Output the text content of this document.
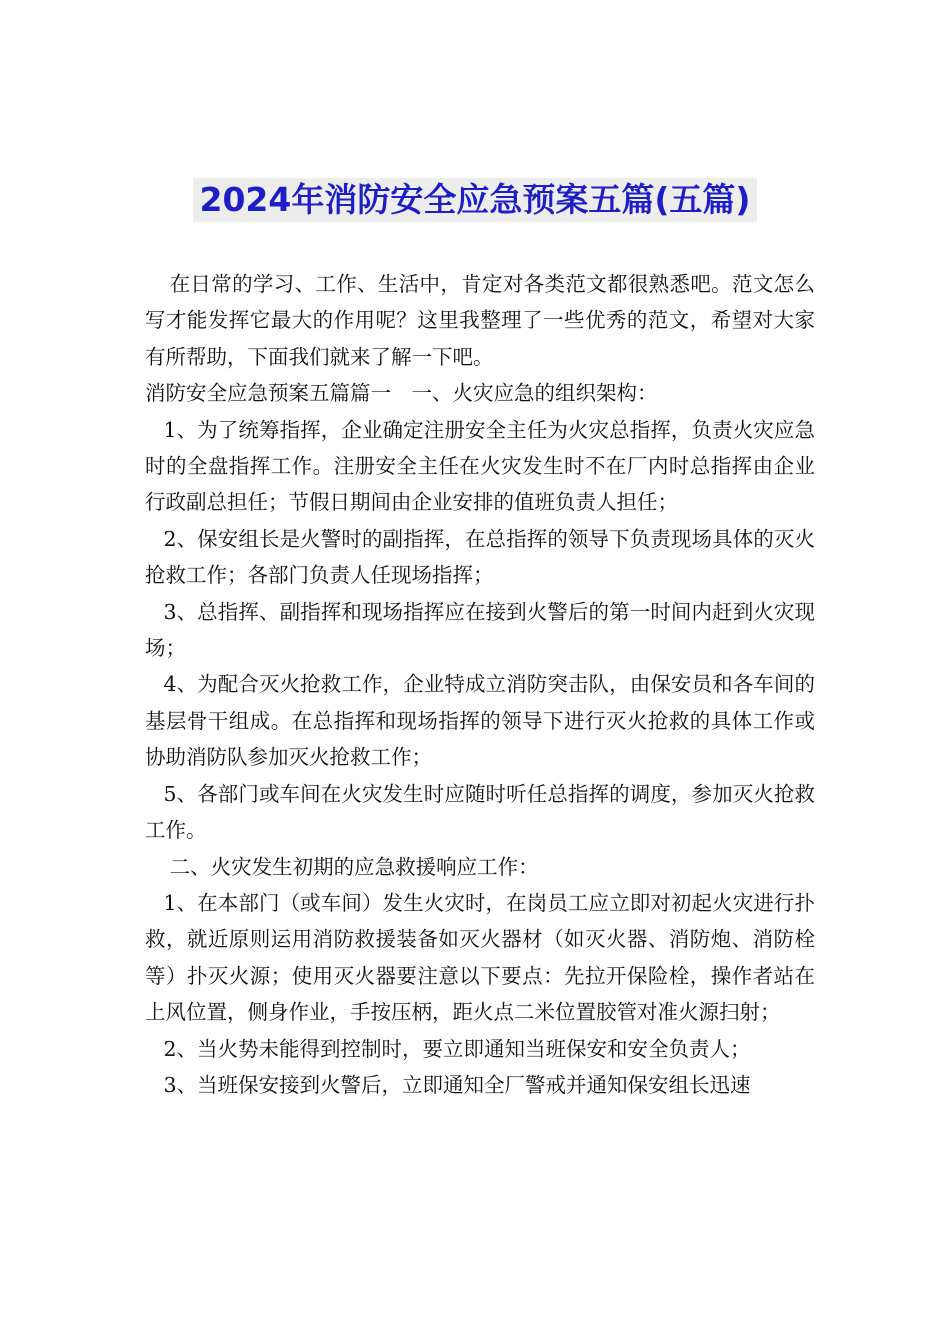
2024年消防安全应急预案五篇(五篇)

在日常的学习、工作、生活中，肯定对各类范文都很熟悉吧。范文怎么写才能发挥它最大的作用呢？这里我整理了一些优秀的范文，希望对大家有所帮助，下面我们就来了解一下吧。

消防安全应急预案五篇篇一　一、火灾应急的组织架构：

1、为了统筹指挥，企业确定注册安全主任为火灾总指挥，负责火灾应急时的全盘指挥工作。注册安全主任在火灾发生时不在厂内时总指挥由企业行政副总担任；节假日期间由企业安排的值班负责人担任；

2、保安组长是火警时的副指挥，在总指挥的领导下负责现场具体的灭火抢救工作；各部门负责人任现场指挥；

3、总指挥、副指挥和现场指挥应在接到火警后的第一时间内赶到火灾现场；

4、为配合灭火抢救工作，企业特成立消防突击队，由保安员和各车间的基层骨干组成。在总指挥和现场指挥的领导下进行灭火抢救的具体工作或协助消防队参加灭火抢救工作；

5、各部门或车间在火灾发生时应随时听任总指挥的调度，参加灭火抢救工作。

二、火灾发生初期的应急救援响应工作：

1、在本部门（或车间）发生火灾时，在岗员工应立即对初起火灾进行扑救，就近原则运用消防救援装备如灭火器材（如灭火器、消防炮、消防栓等）扑灭火源；使用灭火器要注意以下要点：先拉开保险栓，操作者站在上风位置，侧身作业，手按压柄，距火点二米位置胶管对准火源扫射；

2、当火势未能得到控制时，要立即通知当班保安和安全负责人；

3、当班保安接到火警后，立即通知全厂警戒并通知保安组长迅速
